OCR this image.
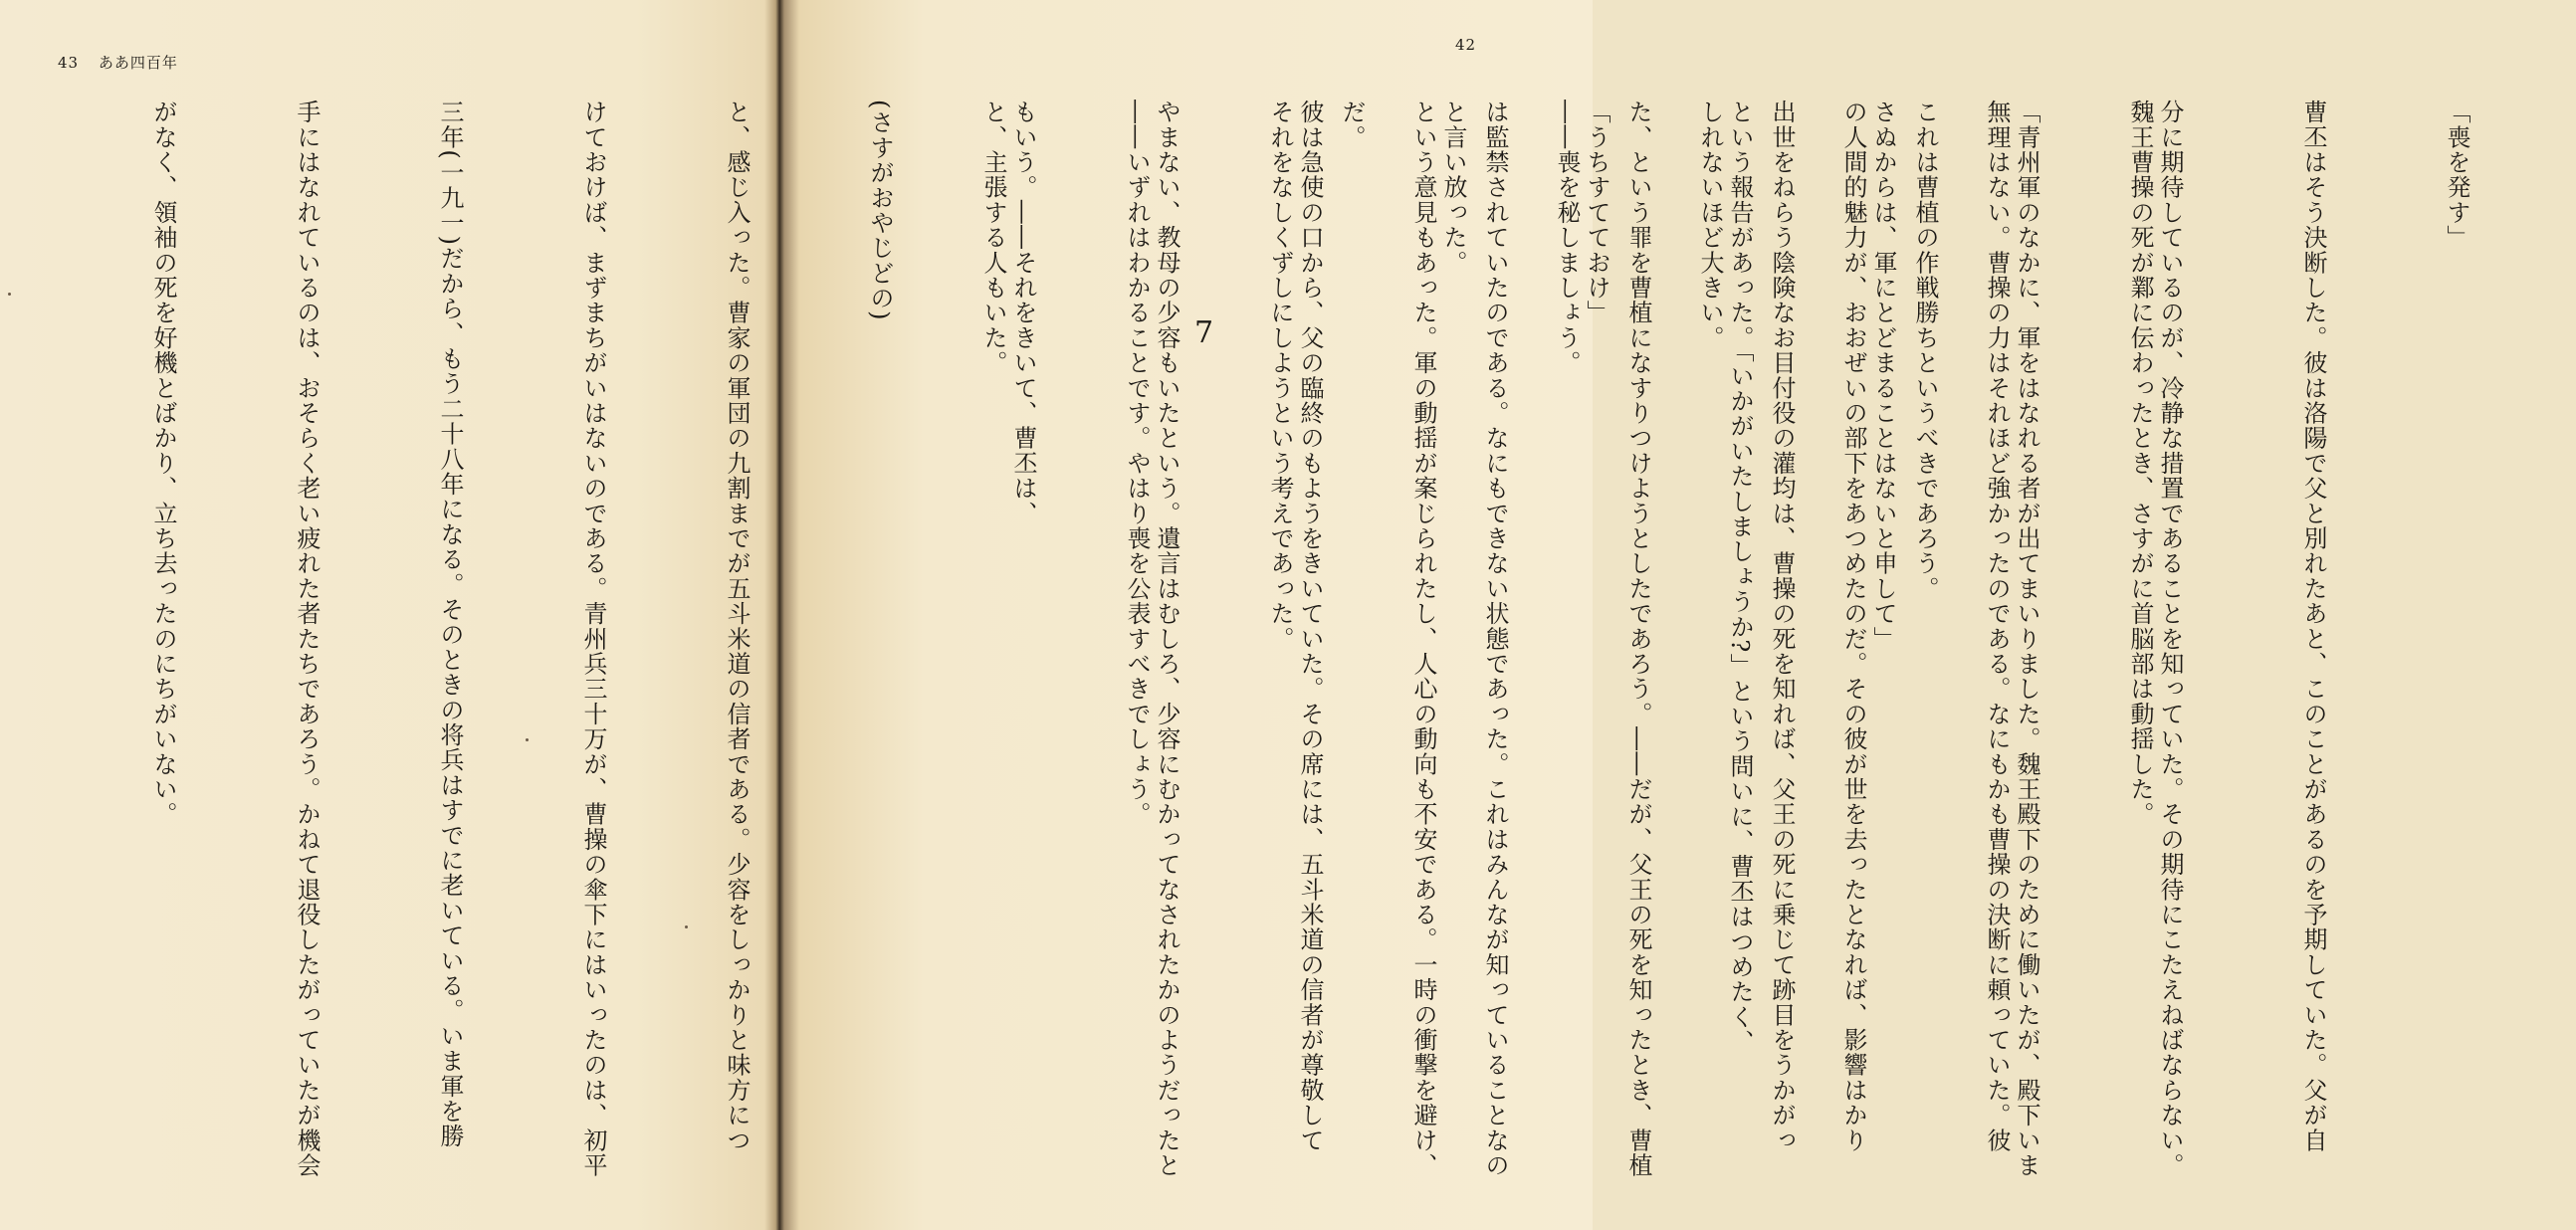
43 ああ四百年

「喪を発す」

曹丕はそう決断した。彼は洛陽で父と別れたあと、このことがあるのを予期していた。父が自

分に期待しているのが、冷静な措置であることを知っていた。その期待にこたえねばならない。

「青州軍のなかに、軍をはなれる者が出てまいりました。魏王殿下のために働いたが、殿下いま

さぬからは、軍にとどまることはないと申して」

という報告があった。「いかがいたしましょうか?」という問いに、曹丕はつめたく、

「うちすてておけ」

と言い放った。

彼は急使の口から、父の臨終のもようをきいていた。その席には、五斗米道の信者が尊敬して

やまない、教母の少容もいたという。遺言はむしろ、少容にむかってなされたかのようだったと

もいう。――それをきいて、曹丕は、

(さすがおやじどの)

と、感じ入った。曹家の軍団の九割までが五斗米道の信者である。少容をしっかりと味方につ

けておけば、まずまちがいはないのである。青州兵三十万が、曹操の傘下にはいったのは、初平

三年(一九一)だから、もう二十八年になる。そのときの将兵はすでに老いている。いま軍を勝

手にはなれているのは、おそらく老い疲れた者たちであろう。かねて退役したがっていたが機会

がなく、領袖の死を好機とばかり、立ち去ったのにちがいない。

42

これは曹植の作戦勝ちというべきであろう。

出世をねらう陰険なお目付役の灌均は、曹操の死を知れば、父王の死に乗じて跡目をうかがっ

た、という罪を曹植になすりつけようとしたであろう。――だが、父王の死を知ったとき、曹植

は監禁されていたのである。なにもできない状態であった。これはみんなが知っていることなの

だ。

7

	魏王曹操の死が鄴に伝わったとき、さすがに首脳部は動揺した。

無理はない。曹操の力はそれほど強かったのである。なにもかも曹操の決断に頼っていた。彼

の人間的魅力が、おおぜいの部下をあつめたのだ。その彼が世を去ったとなれば、影響はかり

しれないほど大きい。

――喪を秘しましょう。

という意見もあった。軍の動揺が案じられたし、人心の動向も不安である。一時の衝撃を避け、

それをなしくずしにしようという考えであった。

――いずれはわかることです。やはり喪を公表すべきでしょう。

と、主張する人もいた。
